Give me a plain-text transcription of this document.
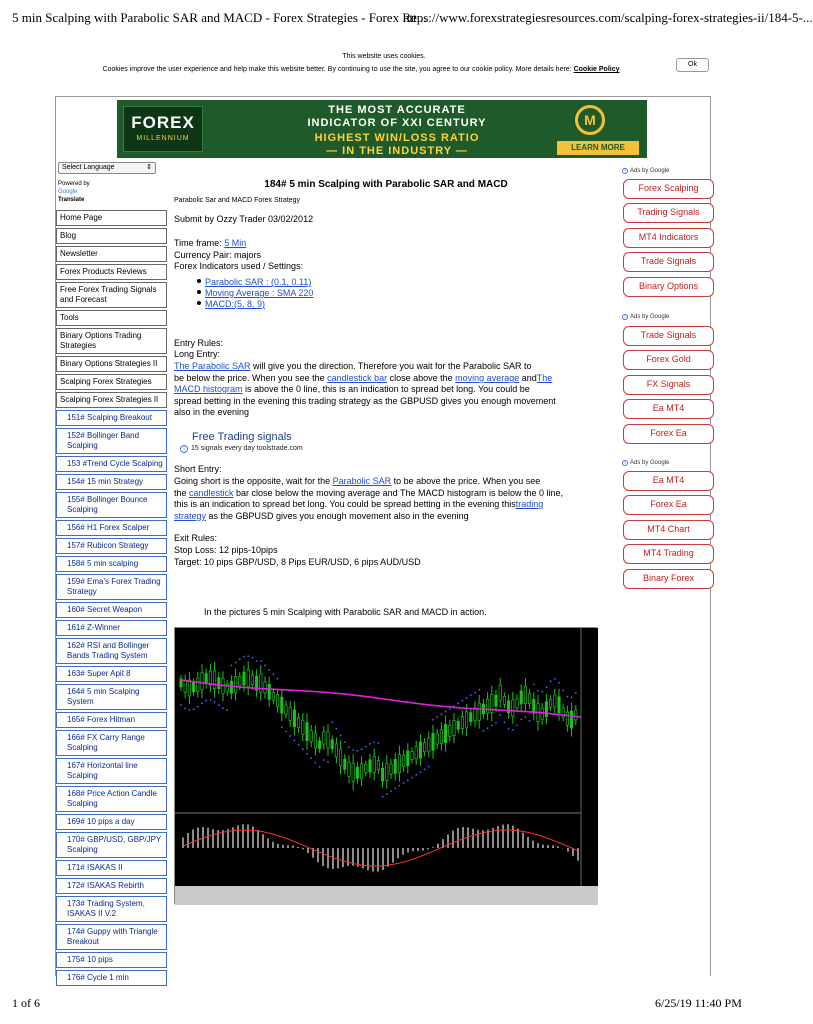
5 min Scalping with Parabolic SAR and MACD - Forex Strategies - Forex Re...
https://www.forexstrategiesresources.com/scalping-forex-strategies-ii/184-5-...
This website uses cookies.
Cookies improve the user experience and help make this website better. By continuing to use the site, you agree to our cookie policy. More details here: Cookie Policy
Ok
FOREX
MILLENNIUM
THE MOST ACCURATE
INDICATOR OF XXI CENTURY
HIGHEST WIN/LOSS RATIO
— IN THE INDUSTRY —
M
LEARN MORE
Select Language	⇕
Powered by
Google
Translate
Home Page
Blog
Newsletter
Forex Products Reviews
Free Forex Trading Signals and Forecast
Tools
Binary Options Trading Strategies
Binary Options Strategies II
Scalping Forex Strategies
Scalping Forex Strategies II
151# Scalping Breakout
152# Bollinger Band Scalping
153 #Trend Cycle Scalping
154# 15 min Strategy
155# Bollinger Bounce Scalping
156# H1 Forex Scalper
157# Rubicon Strategy
158# 5 min scalping
159# Ema's Forex Trading Strategy
160# Secret Weapon
161# Z-Winner
162# RSI and Bollinger Bands Trading System
163# Super Apit 8
164# 5 min Scalping System
165# Forex Hitman
166# FX Carry Range Scalping
167# Horizontal line Scalping
168# Price Action Candle Scalping
169# 10 pips a day
170# GBP/USD, GBP/JPY Scalping
171# ISAKAS II
172# ISAKAS Rebirth
173# Trading System, ISAKAS II V.2
174# Guppy with Triangle Breakout
175# 10 pips
176# Cycle 1 min
184# 5 min Scalping with Parabolic SAR and MACD
Parabolic Sar and MACD Forex Strategy
Submit by Ozzy Trader 03/02/2012
Time frame: 5 Min
Currency Pair: majors
Forex Indicators used / Settings:
Parabolic SAR : (0.1, 0.11)
Moving Average : SMA 220
MACD:(5, 8, 9)
Entry Rules:
Long Entry:
The Parabolic SAR will give you the direction. Therefore you wait for the Parabolic SAR to
be below the price. When you see the candlestick bar close above the moving average andThe
MACD histogram is above the 0 line, this is an indication to spread bet long. You could be
spread betting in the evening this trading strategy as the GBPUSD gives you enough movement
also in the evening
Free Trading signals
i 15 signals every day toolstrade.com
Short Entry:
Going short is the opposite, wait for the Parabolic SAR to be above the price. When you see
the candlestick bar close below the moving average and The MACD histogram is below the 0 line,
this is an indication to spread bet long. You could be spread betting in the evening thistrading
strategy as the GBPUSD gives you enough movement also in the evening
Exit Rules:
Stop Loss: 12 pips-10pips
Target: 10 pips GBP/USD, 8 Pips EUR/USD, 6 pips AUD/USD
In the pictures 5 min Scalping with Parabolic SAR and MACD in action.
i Ads by Google
Forex Scalping
Trading Signals
MT4 Indicators
Trade Signals
Binary Options
i Ads by Google
Trade Signals
Forex Gold
FX Signals
Ea MT4
Forex Ea
i Ads by Google
Ea MT4
Forex Ea
MT4 Chart
MT4 Trading
Binary Forex
1 of 6	6/25/19 11:40 PM
